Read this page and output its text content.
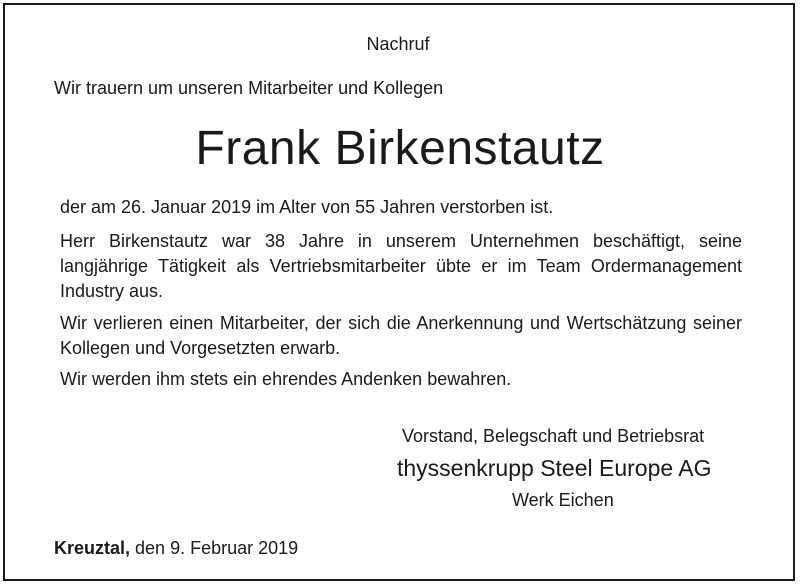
Nachruf
Wir trauern um unseren Mitarbeiter und Kollegen
Frank Birkenstautz
der am 26. Januar 2019 im Alter von 55 Jahren verstorben ist.
Herr Birkenstautz war 38 Jahre in unserem Unternehmen beschäftigt, seine langjährige Tätigkeit als Vertriebsmitarbeiter übte er im Team Ordermanagement Industry aus.
Wir verlieren einen Mitarbeiter, der sich die Anerkennung und Wertschätzung seiner Kollegen und Vorgesetzten erwarb.
Wir werden ihm stets ein ehrendes Andenken bewahren.
Vorstand, Belegschaft und Betriebsrat
thyssenkrupp Steel Europe AG
Werk Eichen
Kreuztal, den 9. Februar 2019
